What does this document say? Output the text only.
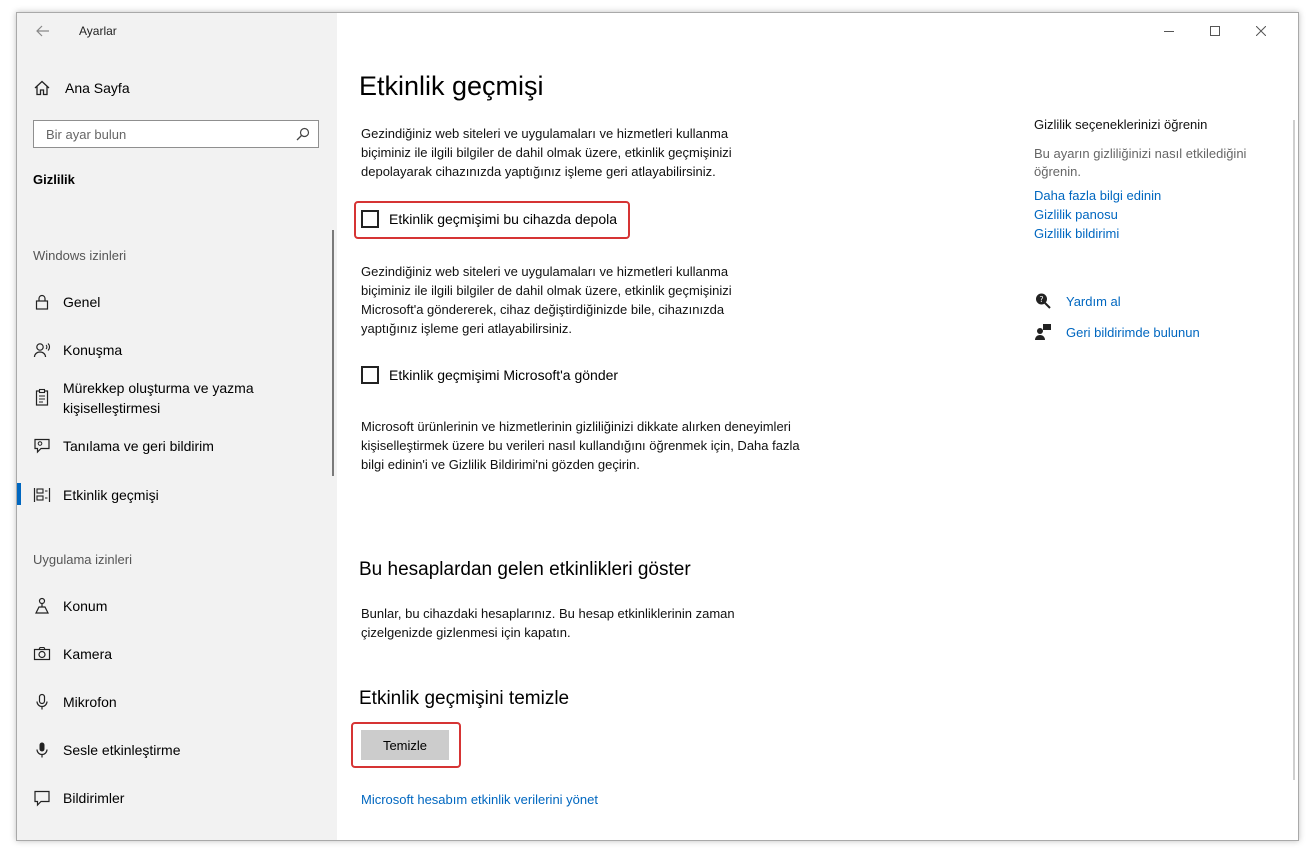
Ayarlar
Ana Sayfa
Bir ayar bulun
Gizlilik
Windows izinleri
Genel
Konuşma
Mürekkep oluşturma ve yazma kişiselleştirmesi
Tanılama ve geri bildirim
Etkinlik geçmişi
Uygulama izinleri
Konum
Kamera
Mikrofon
Sesle etkinleştirme
Bildirimler
Etkinlik geçmişi
Gezindiğiniz web siteleri ve uygulamaları ve hizmetleri kullanma biçiminiz ile ilgili bilgiler de dahil olmak üzere, etkinlik geçmişinizi depolayarak cihazınızda yaptığınız işleme geri atlayabilirsiniz.
Etkinlik geçmişimi bu cihazda depola
Gezindiğiniz web siteleri ve uygulamaları ve hizmetleri kullanma biçiminiz ile ilgili bilgiler de dahil olmak üzere, etkinlik geçmişinizi Microsoft'a göndererek, cihaz değiştirdiğinizde bile, cihazınızda yaptığınız işleme geri atlayabilirsiniz.
Etkinlik geçmişimi Microsoft'a gönder
Microsoft ürünlerinin ve hizmetlerinin gizliliğinizi dikkate alırken deneyimleri kişiselleştirmek üzere bu verileri nasıl kullandığını öğrenmek için, Daha fazla bilgi edinin'i ve Gizlilik Bildirimi'ni gözden geçirin.
Bu hesaplardan gelen etkinlikleri göster
Bunlar, bu cihazdaki hesaplarınız. Bu hesap etkinliklerinin zaman çizelgenizde gizlenmesi için kapatın.
Etkinlik geçmişini temizle
Temizle
Microsoft hesabım etkinlik verilerini yönet
Gizlilik seçeneklerinizi öğrenin
Bu ayarın gizliliğinizi nasıl etkilediğini öğrenin.
Daha fazla bilgi edinin
Gizlilik panosu
Gizlilik bildirimi
? Yardım al
Geri bildirimde bulunun
